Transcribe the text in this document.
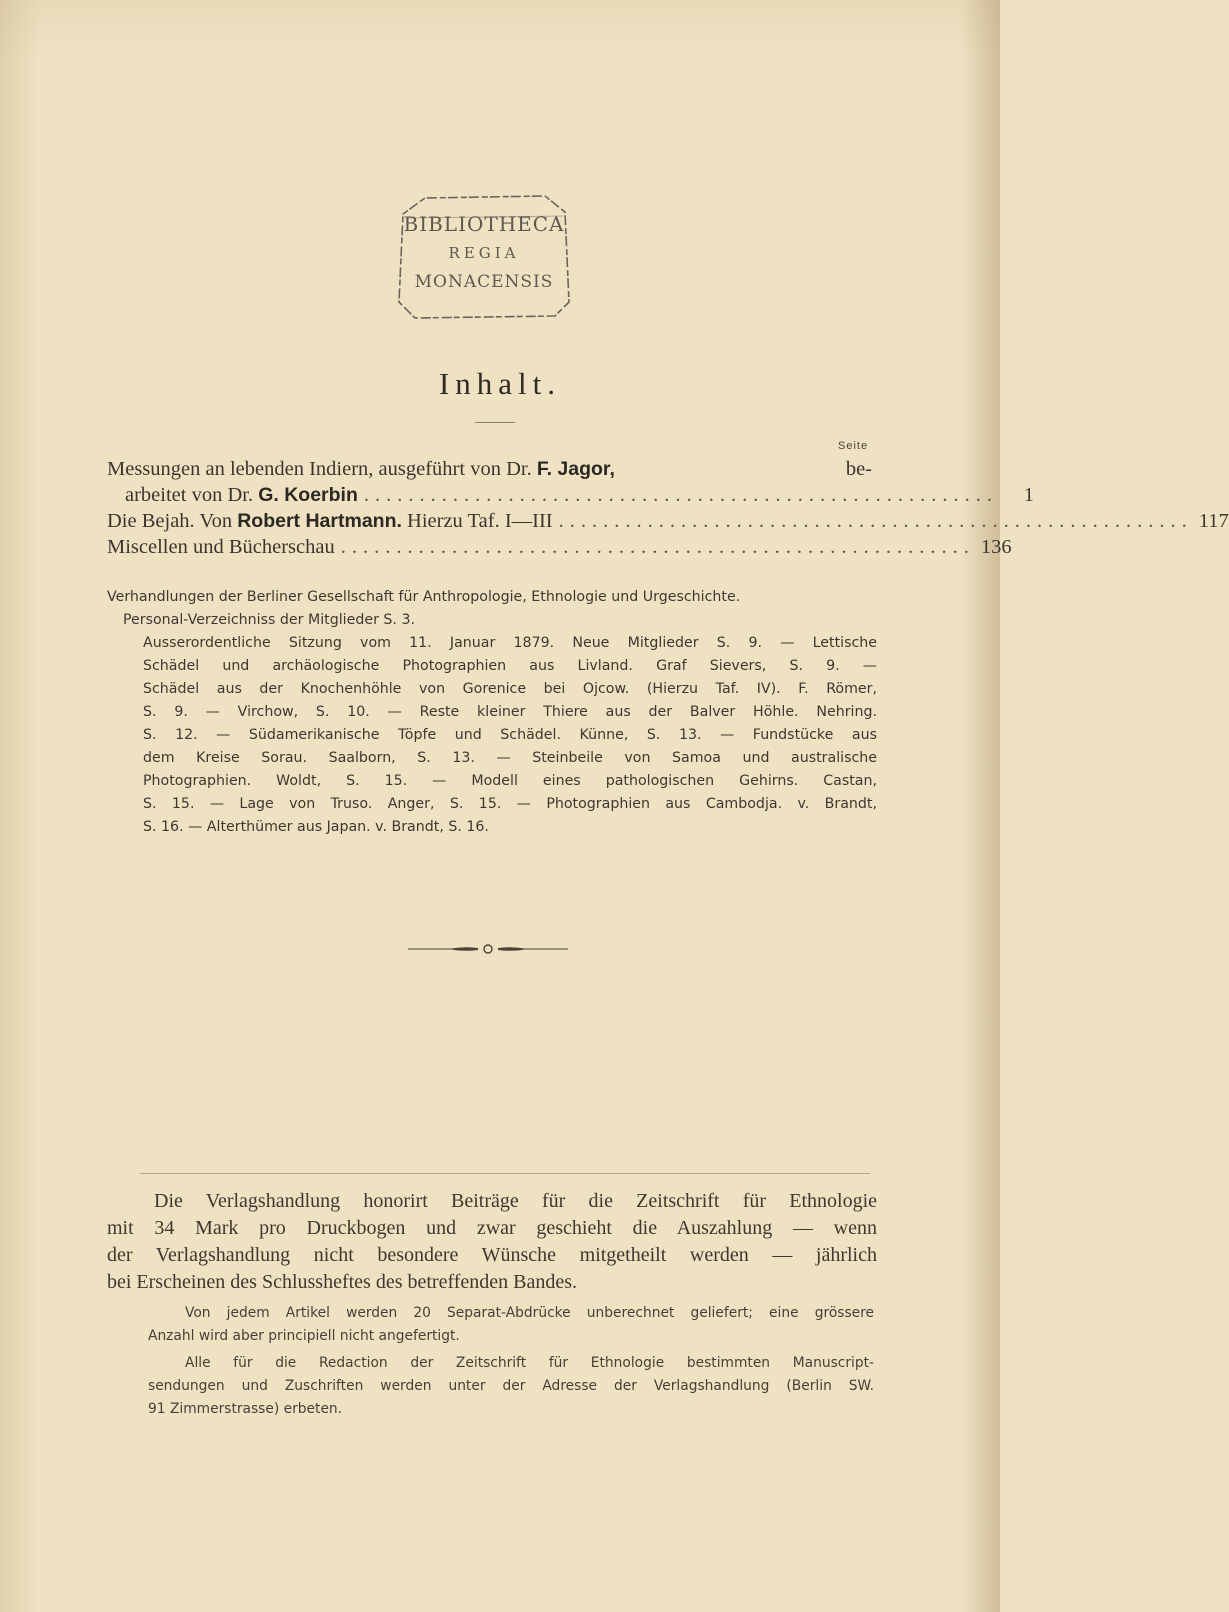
BIBLIOTHECA
REGIA
MONACENSIS
Inhalt.
Seite
Messungen an lebenden Indiern, ausgeführt von Dr.
F. Jagor,	be-
arbeitet von Dr.
G. Koerbin .........................................................	1
Die Bejah. Von
Robert Hartmann.
Hierzu Taf. I—III ......................................................... 117
Miscellen und Bücherschau ......................................................... 136
Verhandlungen der Berliner Gesellschaft für Anthropologie, Ethnologie und Urgeschichte.
Personal-Verzeichniss der Mitglieder S. 3.
Ausserordentliche Sitzung vom 11. Januar 1879. Neue Mitglieder S. 9. — Lettische
Schädel und archäologische Photographien aus Livland. Graf Sievers, S. 9. —
Schädel aus der Knochenhöhle von Gorenice bei Ojcow. (Hierzu Taf. IV). F. Römer,
S. 9. — Virchow, S. 10. — Reste kleiner Thiere aus der Balver Höhle. Nehring.
S. 12. — Südamerikanische Töpfe und Schädel. Künne, S. 13. — Fundstücke aus
dem Kreise Sorau. Saalborn, S. 13. — Steinbeile von Samoa und australische
Photographien. Woldt, S. 15. — Modell eines pathologischen Gehirns. Castan,
S. 15. — Lage von Truso. Anger, S. 15. — Photographien aus Cambodja. v. Brandt,
S. 16. — Alterthümer aus Japan. v. Brandt, S. 16.
Die Verlagshandlung honorirt Beiträge für die Zeitschrift für Ethnologie
mit 34 Mark pro Druckbogen und zwar geschieht die Auszahlung — wenn
der Verlagshandlung nicht besondere Wünsche mitgetheilt werden — jährlich
bei Erscheinen des Schlussheftes des betreffenden Bandes.
Von jedem Artikel werden 20 Separat-Abdrücke unberechnet geliefert; eine grössere
Anzahl wird aber principiell nicht angefertigt.
Alle für die Redaction der Zeitschrift für Ethnologie bestimmten Manuscript-
sendungen und Zuschriften werden unter der Adresse der Verlagshandlung (Berlin SW.
91 Zimmerstrasse) erbeten.
